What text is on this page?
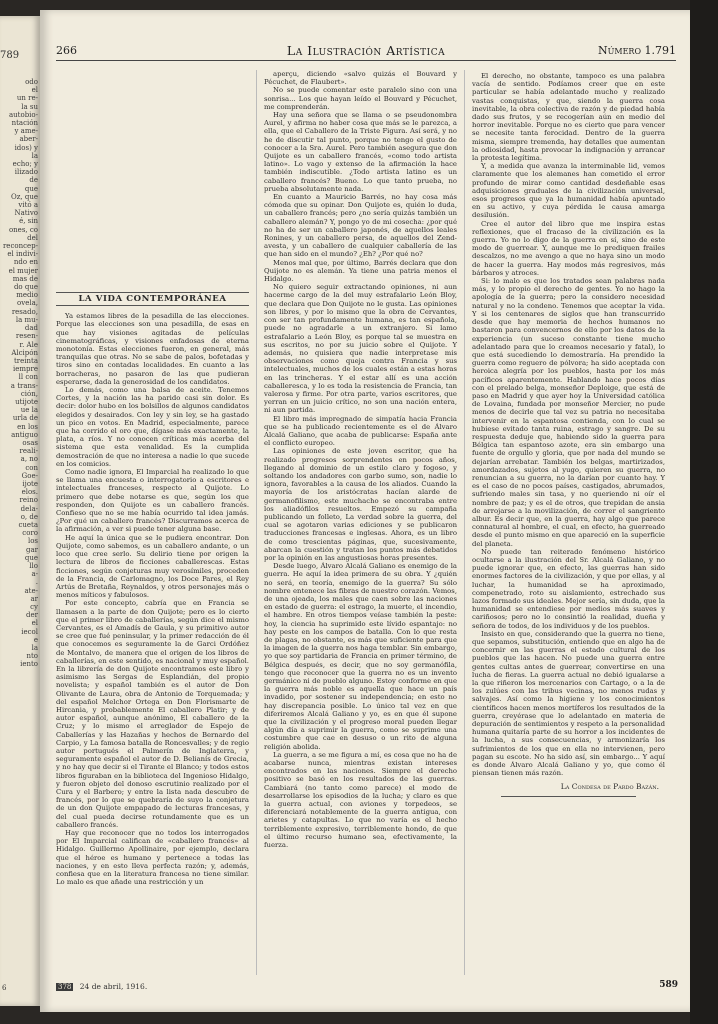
789
odo
el
un re-
la su
autobio-
ntación
y ame-
aber-
idos) y
la
echo; y
ilizado
de
que
Oz, que
vitó a
Nativo
é, sin
ones, co
del
reconcep-
el indivi-
ndo en
el mujer
mas de
do que
medio
ovela,
resado,
la mu-
dad
resen-
r. Ale
Alcipón
treinta
iempre
ll con
a trans-
ción,
utijote
ue la
urla de
en los
antiguo
osas
reali-
a, no
con
Goe-
ijote
elos.
reino
dela-
o, de
cueta
coro
los
gar
que
llo
a-
.
ate-
ar
cy
der
el
iecol
e
la
nto
iento
6
266	La Ilustración Artística	Número 1.791
LA VIDA CONTEMPORÁNEA

Ya estamos libres de la pesadilla de las elecciones. Porque las elecciones son una pesadilla, de esas en que hay visiones agitadas de películas cinematográficas, y visiones enfadosas de eterna monotonía. Estas elecciones fueron, en general, más tranquilas que otras. No se sabe de palos, bofetadas y tiros sino en contadas localidades. En cuanto a las borracheras, no pasaron de las que pudieran esperarse, dada la generosidad de los candidatos.

Lo demás, como una balsa de aceite. Tenemos Cortes, y la nación las ha parido casi sin dolor. Es decir: dolor hubo en los bolsillos de algunos candidatos elegidos y desairados. Con ley y sin ley, se ha gastado un pico en votos. En Madrid, especialmente, parece que ha corrido el oro que, dígase más exactamente, la plata, a ríos. Y no conocen críticas más acerba del sistema que esta venalidad. Es la cumplida demostración de que no interesa a nadie lo que sucede en los comicios.

Como nadie ignora, El Imparcial ha realizado lo que se llama una encuesta o interrogatorio a escritores e intelectuales franceses, respecto al Quijote. Lo primero que debe notarse es que, según los que responden, don Quijote es un caballero francés. Confieso que no se me había ocurrido tal idea jamás. ¿Por qué un caballero francés? Discurramos acerca de la afirmación, a ver si puede tener alguna base.

He aquí la única que se le pudiera encontrar. Don Quijote, como sabemos, es un caballero andante, o un loco que cree serlo. Su delirio tiene por origen la lectura de libros de ficciones caballerescas. Estas ficciones, según conjeturas muy verosímiles, proceden de la Francia, de Carlomagno, los Doce Pares, el Rey Artús de Bretaña, Reynaldos, y otros personajes más o menos míticos y fabulosos.

Por este concepto, cabría que en Francia se llamasen a la parte de don Quijote; pero es lo cierto que el primer libro de caballerías, según dice el mismo Cervantes, es el Amadís de Gaula, y su primitivo autor se cree que fué peninsular, y la primer redacción de él que conocemos es seguramente la de Garci Ordóñez de Montalvo, de manera que el origen de los libros de caballerías, en este sentido, es nacional y muy español. En la librería de don Quijote encontramos este libro y asimismo las Sergas de Esplandián, del propio novelista; y español también es el autor de Don Olivante de Laura, obra de Antonio de Torquemada; y del español Melchor Ortega en Don Florismarte de Hircania, y probablemente El caballero Platir; y de autor español, aunque anónimo, El caballero de la Cruz; y lo mismo el arreglador de Espejo de Caballerías y las Hazañas y hechos de Bernardo del Carpio, y La famosa batalla de Roncesvalles; y de regio autor portugués el Palmerín de Inglaterra, y seguramente español el autor de D. Belianís de Grecia, y no hay que decir si el Tirante el Blanco; y todos estos libros figuraban en la biblioteca del Ingenioso Hidalgo, y fueron objeto del donoso escrutinio realizado por el Cura y el Barbero; y entre la lista nada descubro de francés, por lo que se quebraría de suyo la conjetura de un don Quijote empapado de lecturas francesas, y del cual pueda decirse rotundamente que es un caballero francés.

Hay que reconocer que no todos los interrogados por El Imparcial califican de «caballero francés» al Hidalgo. Guillermo Apollinaire, por ejemplo, declara que el héroe es humano y pertenece a todas las naciones, y en esto lleva perfecta razón; y, además, confiesa que en la literatura francesa no tiene similar. Lo malo es que añade una restricción y un

aperçu, diciendo «salvo quizás el Bouvard y Pécuchet, de Flaubert».

No se puede comentar este paralelo sino con una sonrisa... Los que hayan leído el Bouvard y Pécuchet, me comprenderán.

Hay una señora que se llama o se pseudonombra Aurel, y afirma no haber cosa que más se le parezca, a ella, que el Caballero de la Triste Figura. Así será, y no he de discutir tal punto, porque no tengo el gusto de conocer a la Sra. Aurel. Pero también asegura que don Quijote es un caballero francés, «como todo artista latino». Lo vago y extenso de la afirmación la hace también indiscutible. ¿Todo artista latino es un caballero francés? Bueno. Lo que tanto prueba, no prueba absolutamente nada.

En cuanto a Mauricio Barrés, no hay cosa más cómoda que su opinar. Don Quijote es, quién lo duda, un caballero francés; pero ¿no sería quizás también un caballero alemán? Y, pongo yo de mi cosecha: ¿por qué no ha de ser un caballero japonés, de aquellos leales Ronines, y un caballero persa, de aquellos del Zend-avesta, y un caballero de cualquier caballería de las que han sido en el mundo? ¿Eh? ¿Por qué no?

Menos mal que, por último, Barrés declara que don Quijote no es alemán. Ya tiene una patria menos el Hidalgo.

No quiero seguir extractando opiniones, ni aun hacerme cargo de la del muy estrafalario León Bloy, que declara que Don Quijote no le gusta. Las opiniones son libres, y por lo mismo que la obra de Cervantes, con ser tan profundamente humana, es tan española, puede no agradarle a un extranjero. Si lamo estrafalario a León Bloy, es porque tal se muestra en sus escritos, no por su juicio sobre el Quijote. Y además, no quisiera que nadie interpretase mis observaciones como queja contra Francia y sus intelectuales, muchos de los cuales están a estas horas en las trincheras. Y el estar allí es una acción caballeresca, y lo es toda la resistencia de Francia, tan valerosa y firme. Por otra parte, varios escritores, que yerran en un juicio crítico, no son una nación entera, ni aun partida.

El libro más impregnado de simpatía hacia Francia que se ha publicado recientemente es el de Álvaro Alcalá Galiano, que acaba de publicarse: España ante el conflicto europeo.

Las opiniones de este joven escritor, que ha realizado progresos sorprendentes en pocos años, llegando al dominio de un estilo claro y fogoso, y soltando los andadores con garbo sumo, son, nadie lo ignora, favorables a la causa de los aliados. Cuando la mayoría de los aristócratas hacían alarde de germanofilismo, este muchacho se encontraba entre los aliadófilos resueltos. Empezó su campaña publicando un folleto, La verdad sobre la guerra, del cual se agotaron varias ediciones y se publicaron traducciones francesas e inglesas. Ahora, es un libro de como trescientas páginas, que, sucesivamente, abarcan la cuestión y tratan los puntos más debatidos por la opinión en las angustiosas horas presentes.

Desde luego, Álvaro Alcalá Galiano es enemigo de la guerra. He aquí la idea primera de su obra. Y ¿quién no será, en teoría, enemigo de la guerra? Su sólo nombre entenece las fibras de nuestro corazón. Vemos, de una ojeada, los males que caen sobre las naciones en estado de guerra: el estrago, la muerte, el incendio, el hambre. En otros tiempos veíase también la peste: hoy, la ciencia ha suprimido este lívido espantajo: no hay peste en los campos de batalla. Con lo que resta de plagas, no obstante, es más que suficiente para que la imagen de la guerra nos haga temblar. Sin embargo, yo que soy partidaria de Francia en primer término, de Bélgica después, es decir, que no soy germanófila, tengo que reconocer que la guerra no es un invento germánico ni de pueblo alguno. Estoy conforme en que la guerra más noble es aquella que hace un país invadido, por sostener su independencia; en esto no hay discrepancia posible. Lo único tal vez en que diferiremos Alcalá Galiano y yo, es en que él supone que la civilización y el progreso moral pueden llegar algún día a suprimir la guerra, como se suprime una costumbre que cae en desuso o un rito de alguna religión abolida.

La guerra, a se me figura a mí, es cosa que no ha de acabarse nunca, mientras existan intereses encontrados en las naciones. Siempre el derecho positivo se basó en los resultados de las guerras. Cambiará (no tanto como parece) el modo de desarrollarse los episodios de la lucha; y claro es que la guerra actual, con aviones y torpedeos, se diferenciará notablemente de la guerra antigua, con arietes y catapultas. Lo que no varía es el hecho terriblemente expresivo, terriblemente hondo, de que el último recurso humano sea, efectivamente, la fuerza.

El derecho, no obstante, tampoco es una palabra vacía de sentido. Podíamos creer que en este particular se había adelantado mucho y realizado vastas conquistas, y que, siendo la guerra cosa inevitable, la obra colectiva de razón y de piedad había dado sus frutos, y se recogerían aún en medio del horror inevitable. Porque no es cierto que para vencer se necesite tanta ferocidad. Dentro de la guerra misma, siempre tremenda, hay detalles que aumentan la odiosidad, hasta provocar la indignación y arrancar la protesta legítima.

Y, a medida que avanza la interminable lid, vemos claramente que los alemanes han cometido el error profundo de mirar como cantidad desdeñable esas adquisiciones graduales de la civilización universal, esos progresos que ya la humanidad había apuntado en su activo, y cuya pérdida le causa amarga desilusión.

Cree el autor del libro que me inspira estas reflexiones, que el fracaso de la civilización es la guerra. Yo no lo digo de la guerra en sí, sino de este modo de guerrear. Y, aunque me lo prediquen frailes descalzos, no me avengo a que no haya sino un modo de hacer la guerra. Hay modos más regresivos, más bárbaros y atroces.

Si: lo malo es que los tratados sean palabras nada más, y lo propio el derecho de gentes. Yo no hago la apología de la guerra; pero la considero necesidad natural y no la condeno. Tenemos que aceptar la vida. Y si los centenares de siglos que han transcurrido desde que hay memoria de hechos humanos no bastaron para convencernos de ello por los datos de la experiencia (un suceso constante tiene mucho adelantado para que lo creamos necesario y fatal), lo que está sucediendo lo demostraría. Ha prendido la guerra como reguero de pólvora; ha sido aceptada con heroica alegría por los pueblos, hasta por los más pacíficos aparentemente. Hablando hace pocos días con el prelado belga, monseñor Deploige, que está de paso en Madrid y que ayer hoy la Universidad católica de Lovaina, fundada por monseñor Mercier, no pude menos de decirle que tal vez su patria no necesitaba intervenir en la espantosa contienda, con lo cual se hubiese evitado tanta ruina, estrago y sangre. De su respuesta deduje que, habiendo sido la guerra para Bélgica tan espantoso azote, era sin embargo una fuente de orgullo y gloria, que por nada del mundo se dejarían arrebatar. También los belgas, martirizados, amordazados, sujetos al yugo, quieren su guerra, no renuncian a su guerra, no la darían por cuanto hay. Y es el caso de no pocos países, castigados, abrumados, sufriendo males sin tasa, y no queriendo ni oír el nombre de paz; y es el de otros, que trepidan de ansia de arrojarse a la movilización, de correr el sangriento albur. Es decir que, en la guerra, hay algo que parece connatural al hombre, el cual, en efecto, ha guerreado desde el punto mismo en que apareció en la superficie del planeta.

No puede tan reiterado fenómeno histórico ocultarse a la ilustración del Sr. Alcalá Galiano, y no puede ignorar que, en efecto, las guerras han sido enormes factores de la civilización, y que por ellas, y al luchar, la humanidad se ha aproximado, compenetrado, roto su aislamiento, estrechado sus lazos formado sus ideales. Mejor sería, sin duda, que la humanidad se entendiese por medios más suaves y cariñosos; pero no lo consintió la realidad, dueña y señora de todos, de los individuos y de los pueblos.

Insisto en que, considerando que la guerra no tiene, que sepamos, substitución, entiendo que en algo ha de concernir en las guerras el estado cultural de los pueblos que las hacen. No puede una guerra entre gentes cultas antes de guerrear, convertirse en una lucha de fieras. La guerra actual no debió igualarse a la que riñeron los mercenarios con Cartago, o a la de los zulúes con las tribus vecinas, no menos rudas y salvajes. Así como la higiene y los conocimientos científicos hacen menos mortíferos los resultados de la guerra, creyérase que lo adelantado en materia de depuración de sentimientos y respeto a la personalidad humana quitaría parte de su horror a los incidentes de la lucha, a sus consecuencias, y armonizaría los sufrimientos de los que en ella no intervienen, pero pagan su escote. No ha sido así, sin embargo... Y aquí es donde Álvaro Alcalá Galiano y yo, que como él piensan tienen más razón.

La Condesa de Pardo Bazán.
378 24 de abril, 1916.	589
